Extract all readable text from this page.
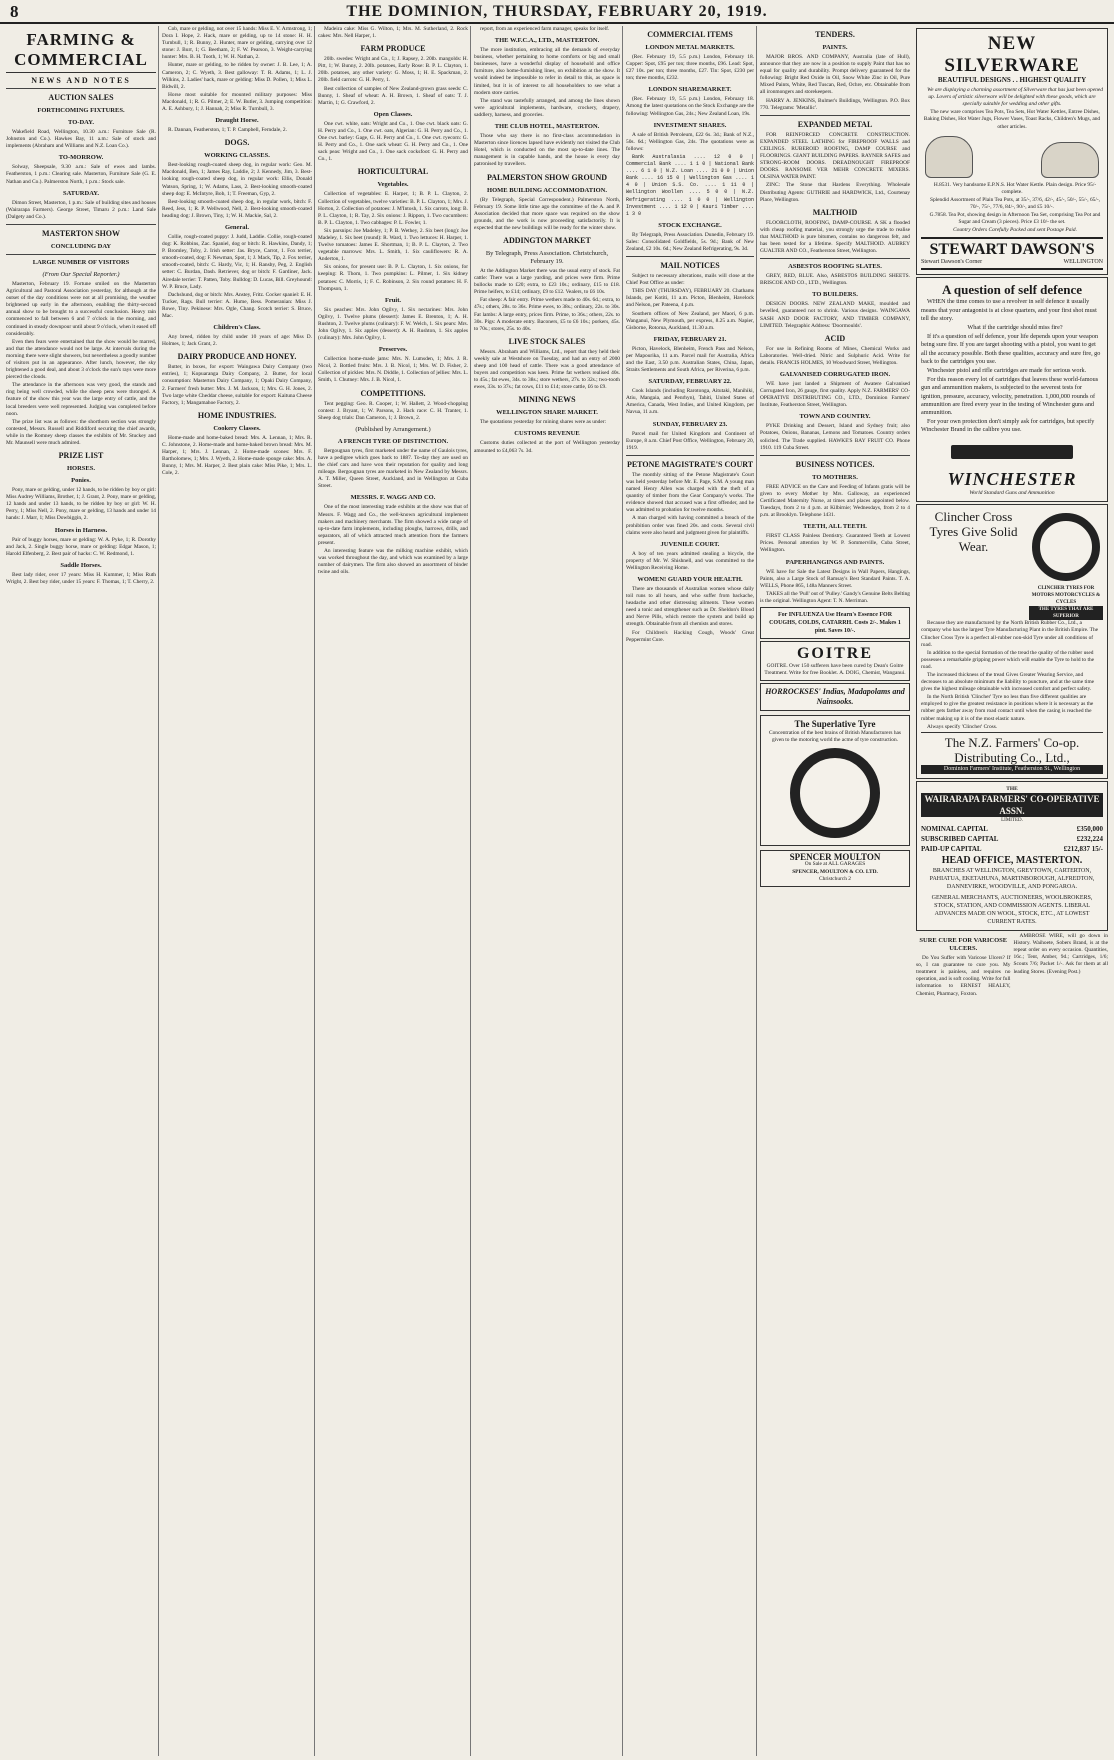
8	THE DOMINION, THURSDAY, FEBRUARY 20, 1919.
FARMING & COMMERCIAL
NEWS AND NOTES
AUCTION SALES
FORTHCOMING FIXTURES.
TO-DAY.

Wakefield Road, Wellington, 10.30 a.m.: Furniture Sale (R. Johnston and Co.). Hawkes Bay, 11 a.m.: Sale of stock and implements (Abraham and Williams and N.Z. Loan Co.).

TO-MORROW.

Solway, Sheepsale, 9.30 a.m.: Sale of ewes and lambs. Featherston, 1 p.m.: Clearing sale. Masterton, Furniture Sale (G. E. Nathan and Co.). Palmerston North, 1 p.m.: Stock sale.

SATURDAY.

Dimon Street, Masterton, 1 p.m.: Sale of building sites and houses (Wairarapa Farmers). George Street, Timaru 2 p.m.: Land Sale (Dalgety and Co.).

MASTERTON SHOW
CONCLUDING DAY
LARGE NUMBER OF VISITORS
(From Our Special Reporter.)

Masterton, February 19. Fortune smiled on the Masterton Agricultural and Pastoral Association yesterday, for although at the outset of the day conditions were not at all promising, the weather brightened up early in the afternoon, enabling the thirty-second annual show to be brought to a successful conclusion. Heavy rain commenced to fall between 6 and 7 o'clock in the morning, and continued in steady downpour until about 9 o'clock, when it eased off considerably.

Even then fears were entertained that the show would be marred, and that the attendance would not be large. At intervals during the morning there were slight showers, but nevertheless a goodly number of visitors put in an appearance. After lunch, however, the sky brightened a good deal, and about 3 o'clock the sun's rays were more pierced the clouds.

The attendance in the afternoon was very good, the stands and ring being well crowded, while the sheep pens were thronged. A feature of the show this year was the large entry of cattle, and the local breeders were well represented. Judging was completed before noon.

The prize list was as follows: the shorthorn section was strongly contested, Messrs. Russell and Riddiford securing the chief awards, while in the Romney sheep classes the exhibits of Mr. Stuckey and Mr. Maunsell were much admired.

PRIZE LIST
HORSES.
Ponies.

Pony, mare or gelding, under 12 hands, to be ridden by boy or girl: Miss Audrey Williams, Brother, 1; J. Grant, 2. Pony, mare or gelding, 12 hands and under 13 hands, to be ridden by boy or girl: W. H. Perry, 1; Miss Nell, 2. Pony, mare or gelding, 13 hands and under 14 hands: J. Marr, 1; Miss Dowbiggin, 2.

Horses in Harness.

Pair of buggy horses, mare or gelding: W. A. Pyke, 1; R. Dorothy and Jack, 2. Single buggy horse, mare or gelding: Edgar Mason, 1; Harold Elfenberg, 2. Best pair of hacks: C. W. Redmond, 1.

Saddle Horses.

Best lady rider, over 17 years: Miss H. Kummer, 1; Miss Ruth Wright, 2. Best boy rider, under 15 years: F. Thomas, 1; T. Cherry, 2.

Cob, mare or gelding, not over 15 hands: Miss E. V. Armstrong, 1; Dora I. Hope, 2. Hack, mare or gelding, up to 14 stone: H. H. Turnbull, 1; R. Bunny, 2. Hunter, mare or gelding, carrying over 12 stone: J. Burr, 1; G. Beetham, 2; F. W. Pearson, 3. Weight-carrying hunter: Mrs. B. H. Tooth, 1; W. H. Nathan, 2.

Hunter, mare or gelding, to be ridden by owner: J. B. Lee, 1; A. Cameron, 2; C. Wyeth, 3. Best galloway: T. R. Adams, 1; L. J. Wilkins, 2. Ladies' hack, mare or gelding: Miss D. Pollen, 1; Miss L. Bidwill, 2.

Horse most suitable for mounted military purposes: Miss Macdonald, 1; R. G. Pilmer, 2; E. W. Butler, 3. Jumping competition: A. E. Ashbury, 1; J. Hannah, 2; Miss R. Turnbull, 3.

Draught Horse.

R. Dannan, Featherston, 1; T. P. Campbell, Ferndale, 2.

DOGS.
WORKING CLASSES.

Best-looking rough-coated sheep dog, in regular work: Geo. M. Macdonald, Ben, 1; James Ray, Laddie, 2; J. Kennedy, Jim, 3. Best-looking rough-coated sheep dog, in regular work: Ellis, Donald Watson, Spring, 1; W. Adams, Lass, 2. Best-looking smooth-coated sheep dog: E. McIntyre, Bob, 1; T. Freeman, Gyp, 2.

Best-looking smooth-coated sheep dog, in regular work, bitch: F. Reed, Jess, 1; R. P. Wellwood, Nell, 2. Best-looking smooth-coated heading dog: J. Brown, Tiny, 1; W. H. Mackie, Sal, 2.

General.

Collie, rough-coated puppy: J. Judd, Laddie. Collie, rough-coated dog: K. Robbins, Zac. Spaniel, dog or bitch: R. Hawkins, Dandy, 1; P. Bromley, Toby, 2. Irish setter: Jas. Bryce, Carrot, 1. Fox terrier, smooth-coated, dog: F. Newman, Spot, 1; J. Mack, Tip, 2. Fox terrier, smooth-coated, bitch: C. Hardy, Vic, 1; H. Ransby, Peg, 2. English setter: C. Burdan, Dash. Retriever, dog or bitch: F. Gardiner, Jack. Airedale terrier: T. Patten, Toby. Bulldog: D. Lucas, Bill. Greyhound: W. P. Bruce, Lady.

Dachshund, dog or bitch: Mrs. Anstey, Fritz. Cocker spaniel: E. H. Tucker, Rags. Bull terrier: A. Hume, Bess. Pomeranian: Miss J. Rowe, Tiny. Pekinese: Mrs. Ogle, Chang. Scotch terrier: S. Bruce, Mac.

Children's Class.

Any breed, ridden by child under 10 years of age: Miss D. Holmes, 1; Jack Grant, 2.

DAIRY PRODUCE AND HONEY.

Butter, in boxes, for export: Waingawa Dairy Company (two entries), 1; Kopuaranga Dairy Company, 2. Butter, for local consumption: Masterton Dairy Company, 1; Opaki Dairy Company, 2. Farmers' fresh butter: Mrs. J. M. Jackson, 1; Mrs. G. H. Jones, 2. Two large white Cheddar cheese, suitable for export: Kaituna Cheese Factory, 1; Mangamahoe Factory, 2.

HOME INDUSTRIES.
Cookery Classes.

Home-made and home-baked bread: Mrs. A. Lennan, 1; Mrs. R. C. Johnstone, 2. Home-made and home-baked brown bread: Mrs. M. Harper, 1; Mrs. J. Lennan, 2. Home-made scones: Mrs. F. Bartholomew, 1; Mrs. J. Wyeth, 2. Home-made sponge cake: Mrs. A. Bunny, 1; Mrs. M. Harper, 2. Best plain cake: Miss Pike, 1; Mrs. L. Cole, 2.

Madeira cake: Miss G. Wilton, 1; Mrs. M. Sutherland, 2. Rock cakes: Mrs. Nell Harper, 1.

FARM PRODUCE

20lb. swedes: Wright and Co., 1; J. Rapsey, 2. 20lb. mangolds: H. Pitt, 1; W. Bunny, 2. 20lb. potatoes, Early Rose: B. P. L. Clayton, 1. 20lb. potatoes, any other variety: G. Moss, 1; H. E. Spackman, 2. 20lb. field carrots: G. H. Perry, 1.

Best collection of samples of New Zealand-grown grass seeds: C. Bunny, 1. Sheaf of wheat: A. H. Brown, 1. Sheaf of oats: T. J. Martin, 1; G. Crawford, 2.

Open Classes.

One cwt. white, oats: Wright and Co., 1. One cwt. black oats: G. H. Perry and Co., 1. One cwt. oats, Algerian: G. H. Perry and Co., 1. One cwt. barley: Gage, G. H. Perry and Co., 1. One cwt. ryecorn: G. H. Perry and Co., 1. One sack wheat: G. H. Perry and Co., 1. One sack peas: Wright and Co., 1. One sack cocksfoot: G. H. Perry and Co., 1.

HORTICULTURAL
Vegetables.

Collection of vegetables: E. Harper, 1; B. P. L. Clayton, 2. Collection of vegetables, twelve varieties: B. P. L. Clayton, 1; Mrs. J. Horton, 2. Collection of potatoes: J. M'Intosh, 1. Six carrots, long: B. P. L. Clayton, 1; R. Tay, 2. Six onions: J. Rippon, 1. Two cucumbers: B. P. L. Clayton, 1. Two cabbages: P. L. Fowler, 1.

Six parsnips: Joe Madeley, 1; P. B. Wethey, 2. Six beet (long): Joe Madeley, 1. Six beet (round): R. Ward, 1. Two lettuces: H. Harper, 1. Twelve tomatoes: James E. Shortman, 1; B. P. L. Clayton, 2. Two vegetable marrows: Mrs. L. Smith, 1. Six cauliflowers: R. A. Anderton, 1.

Six onions, for present use: B. P. L. Clayton, 1. Six onions, for keeping: R. Thom, 1. Two pumpkins: L. Pilmer, 1. Six kidney potatoes: C. Morris, 1; F. C. Robinson, 2. Six round potatoes: H. F. Thompson, 1.

Fruit.

Six peaches: Mrs. John Ogilvy, 1. Six nectarines: Mrs. John Ogilvy, 1. Twelve plums (dessert): James E. Brenton, 1; A. H. Rushton, 2. Twelve plums (culinary): F. W. Welch, 1. Six pears: Mrs. John Ogilvy, 1. Six apples (dessert): A. H. Rushton, 1. Six apples (culinary): Mrs. John Ogilvy, 1.

Preserves.

Collection home-made jams: Mrs. N. Lumsden, 1; Mrs. J. R. Nicol, 2. Bottled fruits: Mrs. J. B. Nicol, 1; Mrs. W. D. Fisher, 2. Collection of pickles: Mrs. N. Diddle, 1. Collection of jellies: Mrs. L. Smith, 1. Chutney: Mrs. J. B. Nicol, 1.

COMPETITIONS.

Tent pegging: Geo. R. Cooper, 1; W. Hallett, 2. Wood-chopping contest: J. Bryant, 1; W. Parsons, 2. Hack race: C. H. Tranter, 1. Sheep dog trials: Dan Cameron, 1; J. Brown, 2.

(Published by Arrangement.)
A FRENCH TYRE OF DISTINCTION.

Bergougnan tyres, first marketed under the name of Gaulois tyres, have a pedigree which goes back to 1887. To-day they are used on the chief cars and have won their reputation for quality and long mileage. Bergougnan tyres are marketed in New Zealand by Messrs. A. T. Miller, Queen Street, Auckland, and in Wellington at Cuba Street.

MESSRS. F. WAGG AND CO.

One of the most interesting trade exhibits at the show was that of Messrs. F. Wagg and Co., the well-known agricultural implement makers and machinery merchants. The firm showed a wide range of up-to-date farm implements, including ploughs, harrows, drills, and separators, all of which attracted much attention from the farmers present.

An interesting feature was the milking machine exhibit, which was worked throughout the day, and which was examined by a large number of dairymen. The firm also showed an assortment of binder twine and oils.

report, from an experienced farm manager, speaks for itself.

THE W.F.C.A., LTD., MASTERTON.

The more institution, embracing all the demands of everyday business, whether pertaining to home comforts or big and small businesses, have a wonderful display of household and office furniture, also home-furnishing lines, on exhibition at the show. It would indeed be impossible to refer in detail to this, as space is limited, but it is of interest to all householders to see what a modern store carries.

The stand was tastefully arranged, and among the lines shown were agricultural implements, hardware, crockery, drapery, saddlery, harness, and groceries.

THE CLUB HOTEL, MASTERTON.

Those who say there is no first-class accommodation in Masterton since licences lapsed have evidently not visited the Club Hotel, which is conducted on the most up-to-date lines. The management is in capable hands, and the house is every day patronised by travellers.

PALMERSTON SHOW GROUND
HOME BUILDING ACCOMMODATION.

(By Telegraph, Special Correspondent.) Palmerston North, February 19. Some little time ago the committee of the A. and P. Association decided that more space was required on the show grounds, and the work is now proceeding satisfactorily. It is expected that the new buildings will be ready for the winter show.

ADDINGTON MARKET
By Telegraph, Press Association. Christchurch, February 19.

At the Addington Market there was the usual entry of stock. Fat cattle: There was a large yarding, and prices were firm. Prime bullocks made to £20; extra, to £23 10s.; ordinary, £15 to £18. Prime heifers, to £14; ordinary, £9 to £12. Vealers, to £6 10s.

Fat sheep: A fair entry. Prime wethers made to 40s. 6d.; extra, to 47s.; others, 28s. to 36s. Prime ewes, to 38s.; ordinary, 22s. to 30s. Fat lambs: A large entry, prices firm. Prime, to 36s.; others, 22s. to 30s. Pigs: A moderate entry. Baconers, £5 to £6 10s.; porkers, 45s. to 70s.; stores, 25s. to 40s.

LIVE STOCK SALES

Messrs. Abraham and Williams, Ltd., report that they held their weekly sale at Westshore on Tuesday, and had an entry of 2000 sheep and 100 head of cattle. There was a good attendance of buyers and competition was keen. Prime fat wethers realised 40s. to 45s.; fat ewes, 34s. to 38s.; store wethers, 27s. to 32s.; two-tooth ewes, 33s. to 37s.; fat cows, £11 to £14; store cattle, £6 to £9.

MINING NEWS
WELLINGTON SHARE MARKET.

The quotations yesterday for mining shares were as under:

CUSTOMS REVENUE

Customs duties collected at the port of Wellington yesterday amounted to £4,063 7s. 3d.

COMMERCIAL ITEMS
LONDON METAL MARKETS.

(Rec. February 19, 5.5 p.m.) London, February 18. Copper: Spot, £95 per ton; three months, £96. Lead: Spot, £27 10s. per ton; three months, £27. Tin: Spot, £230 per ton; three months, £232.

LONDON SHAREMARKET.

(Rec. February 19, 5.5 p.m.) London, February 18. Among the latest quotations on the Stock Exchange are the following: Wellington Gas, 24s.; New Zealand Loan, 19s.

INVESTMENT SHARES.

A sale of British Petroleum, £22 6s. 3d.; Bank of N.Z., 50s. 6d.; Wellington Gas, 24s. The quotations were as follows:

Bank Australasia .... 12 0 0 | Commercial Bank .... 1 1 0 | National Bank .... 6 1 0 | N.Z. Loan .... 21 0 0 | Union Bank .... 16 15 0 | Wellington Gas .... 1 4 0 | Union S.S. Co. .... 1 11 0 | Wellington Woollen .... 5 0 0 | N.Z. Refrigerating .... 1 0 0 | Wellington Investment .... 1 12 0 | Kauri Timber .... 1 3 0

STOCK EXCHANGE.

By Telegraph, Press Association. Dunedin, February 19. Sales: Consolidated Goldfields, 5s. 9d.; Bank of New Zealand, £2 10s. 6d.; New Zealand Refrigerating, 9s. 3d.

MAIL NOTICES

Subject to necessary alterations, mails will close at the Chief Post Office as under:

THIS DAY (THURSDAY), FEBRUARY 20. Chathams Islands, per Kotiti, 11 a.m. Picton, Blenheim, Havelock and Nelson, per Pateena, 4 p.m.

Southern offices of New Zealand, per Maori, 6 p.m. Wanganui, New Plymouth, per express, 8.25 a.m. Napier, Gisborne, Rotorua, Auckland, 11.30 a.m.

FRIDAY, FEBRUARY 21.

Picton, Havelock, Blenheim, French Pass and Nelson, per Mapourika, 11 a.m. Parcel mail for Australia, Africa and the East, 3.50 p.m. Australian States, China, Japan, Straits Settlements and South Africa, per Riverina, 6 p.m.

SATURDAY, FEBRUARY 22.

Cook Islands (including Rarotonga, Aitutaki, Manihiki, Atiu, Mangaia, and Penrhyn), Tahiti, United States of America, Canada, West Indies, and United Kingdom, per Navua, 11 a.m.

SUNDAY, FEBRUARY 23.

Parcel mail for United Kingdom and Continent of Europe, 8 a.m. Chief Post Office, Wellington, February 20, 1919.

PETONE MAGISTRATE'S COURT

The monthly sitting of the Petone Magistrate's Court was held yesterday before Mr. E. Page, S.M. A young man named Henry Allen was charged with the theft of a quantity of timber from the Gear Company's works. The evidence showed that accused was a first offender, and he was admitted to probation for twelve months.

A man charged with having committed a breach of the prohibition order was fined 20s. and costs. Several civil claims were also heard and judgment given for plaintiffs.

JUVENILE COURT.

A boy of ten years admitted stealing a bicycle, the property of Mr. W. Shishnell, and was committed to the Wellington Receiving Home.

WOMEN! GUARD YOUR HEALTH.

There are thousands of Australian women whose daily toil runs to all hours, and who suffer from backache, headache and other distressing ailments. These women need a tonic and strengthener such as Dr. Sheldon's Blood and Nerve Pills, which restore the system and build up strength. Obtainable from all chemists and stores.

For Children's Hacking Cough, Woods' Great Peppermint Cure.

TENDERS.
PAINTS.

MAJOR BROS. AND COMPANY, Australia (late of Hull), announce that they are now in a position to supply Paint that has no equal for quality and durability. Prompt delivery guaranteed for the following: Bright Red Oxide in Oil, Snow White Zinc in Oil, Pure Mixed Paints, White, Red Tuscan, Red, Ochre, etc. Obtainable from all ironmongers and storekeepers.

HARRY A. JENKINS, Bulmer's Buildings, Wellington. P.O. Box 770. Telegrams: 'Metallic'.

EXPANDED METAL

FOR REINFORCED CONCRETE CONSTRUCTION. EXPANDED STEEL LATHING for FIREPROOF WALLS and CEILINGS. RUBEROID ROOFING, DAMP COURSE and FLOORINGS. GIANT BUILDING PAPERS. RAYNER SAFES and STRONG-ROOM DOORS. DREADNOUGHT FIREPROOF DOORS. RANSOME VER MEHR CONCRETE MIXERS. OLSINA WATER PAINT.

ZINC: The Stone that Hardens Everything. Wholesale Distributing Agents: GUTHRIE and HARDWICK, Ltd., Courtenay Place, Wellington.

MALTHOID

FLOORCLOTH, ROOFING, DAMP-COURSE. A SK a flooded with cheap roofing material, you strongly urge the trade to realise that MALTHOID is pure bitumen, contains no dangerous felt, and has been tested for a lifetime. Specify MALTHOID. AUBREY GUALTER AND CO., Featherston Street, Wellington.

ASBESTOS ROOFING SLATES.

GREY, RED, BLUE. Also, ASBESTOS BUILDING SHEETS. BRISCOE AND CO., LTD., Wellington.

TO BUILDERS.

DESIGN DOORS. NEW ZEALAND MAKE, moulded and bevelled, guaranteed not to shrink. Various designs. WAINGAWA SASH AND DOOR FACTORY, AND TIMBER COMPANY, LIMITED. Telegraphic Address: 'Doormoulds'.

ACID

For use in Refining Rooms of Mines, Chemical Works and Laboratories. Well-dried. Nitric and Sulphuric Acid. Write for details. FRANCIS HOLMES, 10 Woodward Street, Wellington.

GALVANISED CORRUGATED IRON.

WE have just landed a Shipment of Awatere Galvanised Corrugated Iron, 26 gauge, first quality. Apply N.Z. FARMERS' CO-OPERATIVE DISTRIBUTING CO., LTD., Dominion Farmers' Institute, Featherston Street, Wellington.

TOWN AND COUNTRY.

PYKE Drinking and Dessert, Island and Sydney fruit; also Potatoes, Onions, Bananas, Lemons and Tomatoes. Country orders solicited. The Trade supplied. HAWKE'S BAY FRUIT CO. Phone 1910. 119 Cuba Street.

BUSINESS NOTICES.
TO MOTHERS.

FREE ADVICE on the Care and Feeding of Infants gratis will be given to every Mother by Mrs. Galloway, an experienced Certificated Maternity Nurse, at times and places appointed below. Tuesdays, from 2 to 4 p.m. at Kilbirnie; Wednesdays, from 2 to 4 p.m. at Brooklyn. Telephone 1431.

TEETH, ALL TEETH.

FIRST CLASS Painless Dentistry. Guaranteed Teeth at Lowest Prices. Personal attention by W. P. Sommerville, Cuba Street, Wellington.

PAPERHANGINGS AND PAINTS.

WE have for Sale the Latest Designs in Wall Papers, Hangings, Paints, also a Large Stock of Ramsay's Best Standard Paints. T. A. WELLS, Phone 865, 148a Manners Street.

TAKES all the 'Pull' out of 'Pulley.' Gandy's Genuine Belts Belting is the original. Wellington Agent: T. N. Merriman.

For INFLUENZA Use Hearn's Essence FOR COUGHS, COLDS, CATARRH. Costs 2/-. Makes 1 pint. Saves 10/-.
GOITRE
GOITRE. Over 150 sufferers have been cured by Dean's Goitre Treatment. Write for free Booklet. A. DOIG, Chemist, Wanganui.
HORROCKSES' Indias, Madapolams and Nainsooks.
The Superlative Tyre
Concentration of the best brains of British Manufacturers has given to the motoring world the acme of tyre construction.
SPENCER MOULTON
On Sale at ALL GARAGES
SPENCER, MOULTON & CO. LTD.
Christchurch 2
NEW SILVERWARE
BEAUTIFUL DESIGNS . . HIGHEST QUALITY

We are displaying a charming assortment of Silverware that has just been opened up. Lovers of artistic silverware will be delighted with these goods, which are specially suitable for wedding and other gifts.

The new ware comprises Tea Pots, Tea Sets, Hot Water Kettles, Entree Dishes, Baking Dishes, Hot Water Jugs, Flower Vases, Toast Racks, Children's Mugs, and other articles.

H.8531. Very handsome E.P.N.S. Hot Water Kettle. Plain design. Price 95/- complete.

Splendid Assortment of Plain Tea Pots, at 35/-, 37/6, 42/-, 45/-, 50/-, 55/-, 65/-, 70/-, 75/-, 77/6, 84/-, 90/-, and £5 10/-.

G.7858. Tea Pot, showing design in Afternoon Tea Set, comprising Tea Pot and Sugar and Cream (3 pieces). Price £3 10/- the set.

Country Orders Carefully Packed and sent Postage Paid.

STEWART DAWSON'S
Stewart Dawson's Corner	WELLINGTON
A question of self defence

WHEN the time comes to use a revolver in self defence it usually means that your antagonist is at close quarters, and your first shot must tell the story.

What if the cartridge should miss fire?

If it's a question of self defence, your life depends upon your weapon being sure fire. If you are target shooting with a pistol, you want to get all the accuracy possible. Both these qualities, accuracy and sure fire, go back to the cartridges you use.

Winchester pistol and rifle cartridges are made for serious work.

For this reason every lot of cartridges that leaves these world-famous gun and ammunition makers, is subjected to the severest tests for ignition, pressure, accuracy, velocity, penetration. 1,000,000 rounds of ammunition are fired every year in the testing of Winchester guns and ammunition.

For your own protection don't simply ask for cartridges, but specify Winchester Brand in the calibre you use.

WINCHESTER
World Standard Guns and Ammunition
Clincher Cross Tyres Give Solid Wear.
CLINCHER TYRES FOR MOTORS MOTORCYCLES & CYCLES
THE TYRES THAT ARE SUPERIOR

Because they are manufactured by the North British Rubber Co., Ltd., a company who has the largest Tyre Manufacturing Plant in the British Empire. The Clincher Cross Tyre is a perfect all-rubber non-skid Tyre under all conditions of road.

In addition to the special formation of the tread the quality of the rubber used possesses a remarkable gripping power which will enable the Tyre to hold to the road.

The increased thickness of the tread Gives Greater Wearing Service, and decreases to an absolute minimum the liability to puncture, and at the same time gives the highest mileage obtainable with increased comfort and perfect safety.

In the North British 'Clincher' Tyre no less than five different qualities are employed to give the greatest resistance in positions where it is necessary as the rubber gets farther away from road contact until when the casing is reached the rubber making up it is of the most elastic nature.

Always specify 'Clincher' Cross.

The N.Z. Farmers' Co-op. Distributing Co., Ltd.,
Dominion Farmers' Institute, Featherston St., Wellington
THE
WAIRARAPA FARMERS' CO-OPERATIVE ASSN.
LIMITED.
NOMINAL CAPITAL	£350,000
SUBSCRIBED CAPITAL	£232,224
PAID-UP CAPITAL	£212,837 15/-
HEAD OFFICE, MASTERTON.
BRANCHES AT WELLINGTON, GREYTOWN, CARTERTON, PAHIATUA, EKETAHUNA, MARTINBOROUGH, ALFREDTON, DANNEVIRKE, WOODVILLE, AND PONGAROA.
GENERAL MERCHANTS, AUCTIONEERS, WOOLBROKERS, STOCK, STATION, AND COMMISSION AGENTS. LIBERAL ADVANCES MADE ON WOOL, STOCK, ETC., AT LOWEST CURRENT RATES.
SURE CURE FOR VARICOSE ULCERS.

Do You Suffer with Varicose Ulcers? If so, I can guarantee to cure you. My treatment is painless, and requires no operation, and is soft cooling. Write for full information to ERNEST HEALEY, Chemist, Pharmacy, Foxton.

AMBROSE WIRE, will go down in History. Waihoete, Sobers Brand, is at the repeat order on every occasion. Quantities, 16c.; Tent, Amber, 9d.; Cartridges, 1/6; Scouts 7/6; Packet 1/-. Ask for them at all leading Stores. (Evening Post.)
